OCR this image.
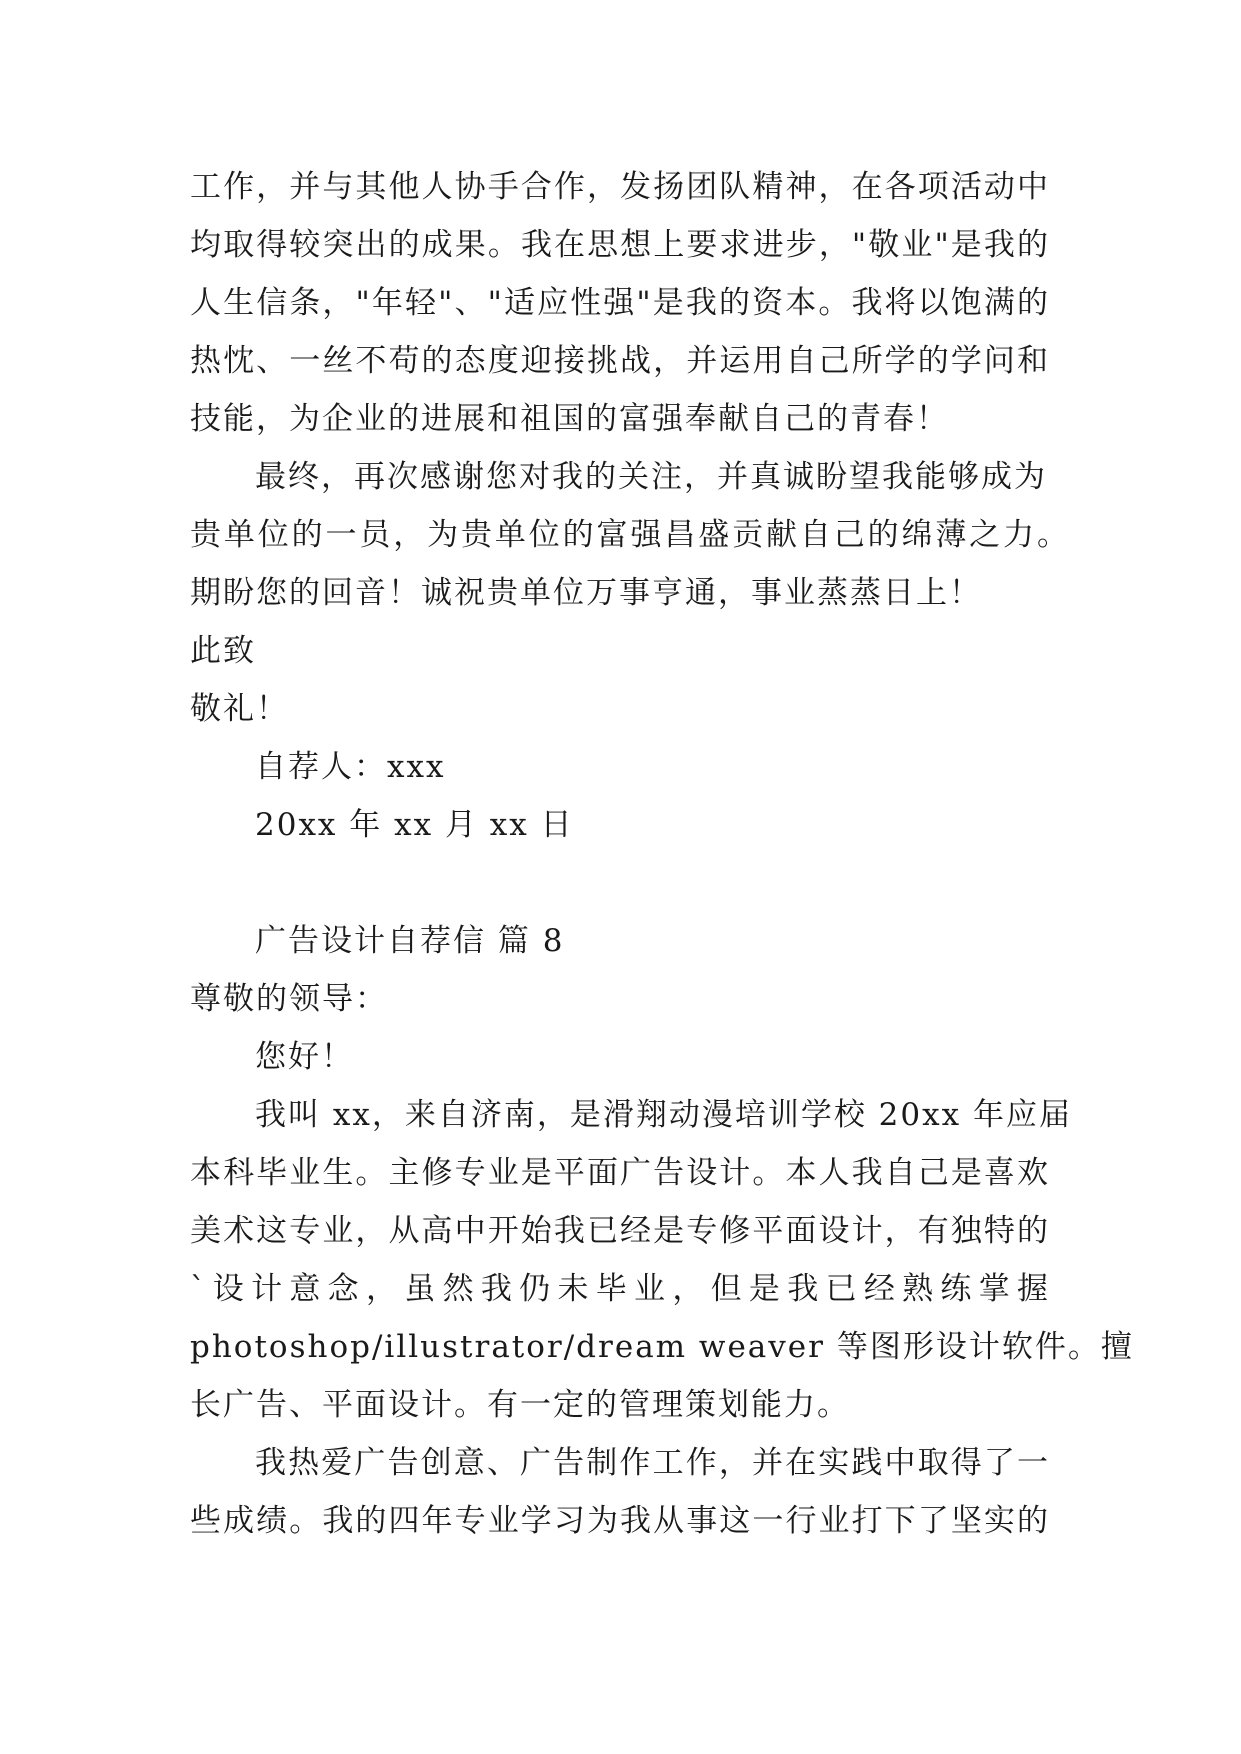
工作，并与其他人协手合作，发扬团队精神，在各项活动中
均取得较突出的成果。我在思想上要求进步，"敬业"是我的
人生信条，"年轻"、"适应性强"是我的资本。我将以饱满的
热忱、一丝不苟的态度迎接挑战，并运用自己所学的学问和
技能，为企业的进展和祖国的富强奉献自己的青春！
最终，再次感谢您对我的关注，并真诚盼望我能够成为
贵单位的一员，为贵单位的富强昌盛贡献自己的绵薄之力。
期盼您的回音！诚祝贵单位万事亨通，事业蒸蒸日上！
此致
敬礼！
自荐人：xxx
20xx 年 xx 月 xx 日
广告设计自荐信 篇 8
尊敬的领导：
您好！
我叫 xx，来自济南，是滑翔动漫培训学校 20xx 年应届
本科毕业生。主修专业是平面广告设计。本人我自己是喜欢
美术这专业，从高中开始我已经是专修平面设计，有独特的
`设计意念，虽然我仍未毕业，但是我已经熟练掌握
photoshop/illustrator/dream weaver 等图形设计软件。擅
长广告、平面设计。有一定的管理策划能力。
我热爱广告创意、广告制作工作，并在实践中取得了一
些成绩。我的四年专业学习为我从事这一行业打下了坚实的
